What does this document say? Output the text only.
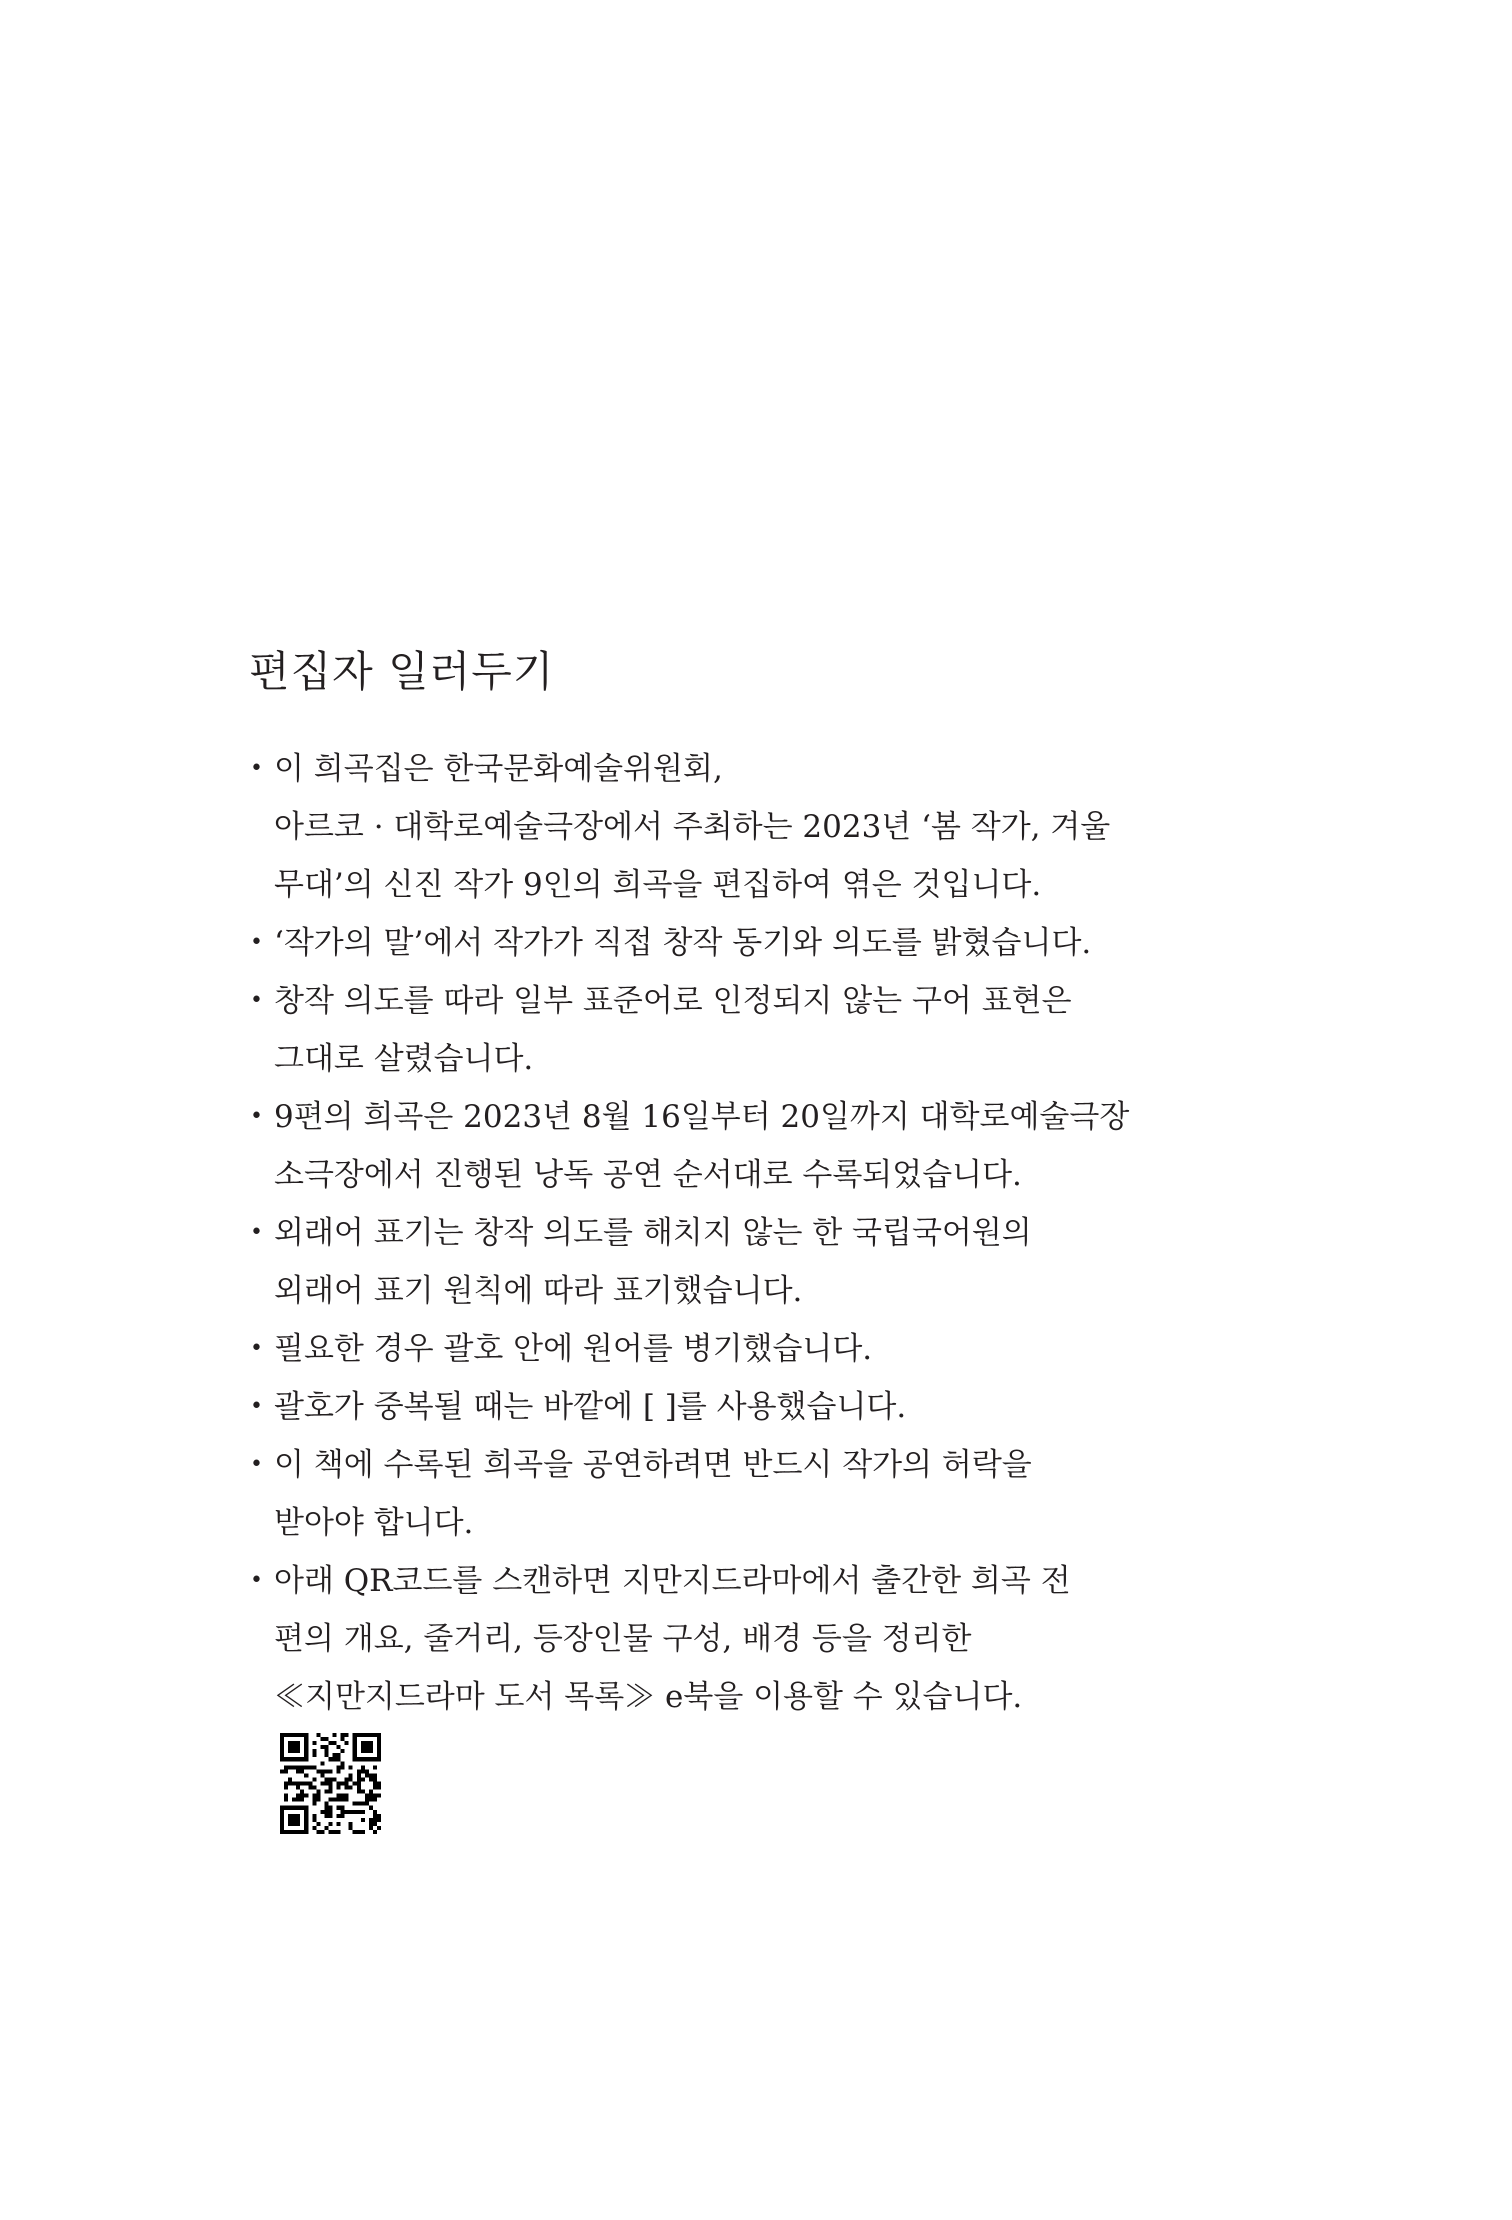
편집자 일러두기
• 이 희곡집은 한국문화예술위원회,
아르코 · 대학로예술극장에서 주최하는 2023년 ‘봄 작가, 겨울
무대’의 신진 작가 9인의 희곡을 편집하여 엮은 것입니다.
• ‘작가의 말’에서 작가가 직접 창작 동기와 의도를 밝혔습니다.
• 창작 의도를 따라 일부 표준어로 인정되지 않는 구어 표현은
그대로 살렸습니다.
• 9편의 희곡은 2023년 8월 16일부터 20일까지 대학로예술극장
소극장에서 진행된 낭독 공연 순서대로 수록되었습니다.
• 외래어 표기는 창작 의도를 해치지 않는 한 국립국어원의
외래어 표기 원칙에 따라 표기했습니다.
• 필요한 경우 괄호 안에 원어를 병기했습니다.
• 괄호가 중복될 때는 바깥에 [ ]를 사용했습니다.
• 이 책에 수록된 희곡을 공연하려면 반드시 작가의 허락을
받아야 합니다.
• 아래 QR코드를 스캔하면 지만지드라마에서 출간한 희곡 전
편의 개요, 줄거리, 등장인물 구성, 배경 등을 정리한
≪지만지드라마 도서 목록≫ e북을 이용할 수 있습니다.
